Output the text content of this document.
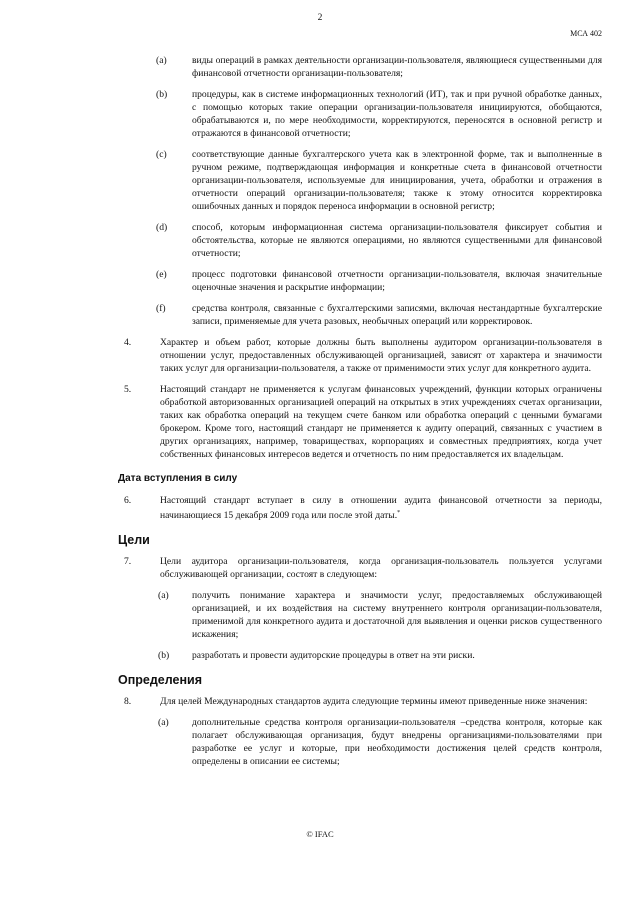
2
МСА 402
(a)	виды операций в рамках деятельности организации-пользователя, являющиеся существенными для финансовой отчетности организации-пользователя;
(b)	процедуры, как в системе информационных технологий (ИТ), так и при ручной обработке данных, с помощью которых такие операции организации-пользователя инициируются, обобщаются, обрабатываются и, по мере необходимости, корректируются, переносятся в основной регистр и отражаются в финансовой отчетности;
(c)	соответствующие данные бухгалтерского учета как в электронной форме, так и выполненные в ручном режиме, подтверждающая информация и конкретные счета в финансовой отчетности организации-пользователя, используемые для инициирования, учета, обработки и отражения в отчетности операций организации-пользователя; также к этому относится корректировка ошибочных данных и порядок переноса информации в основной регистр;
(d)	способ, которым информационная система организации-пользователя фиксирует события и обстоятельства, которые не являются операциями, но являются существенными для финансовой отчетности;
(e)	процесс подготовки финансовой отчетности организации-пользователя, включая значительные оценочные значения и раскрытие информации;
(f)	средства контроля, связанные с бухгалтерскими записями, включая нестандартные бухгалтерские записи, применяемые для учета разовых, необычных операций или корректировок.
4.	Характер и объем работ, которые должны быть выполнены аудитором организации-пользователя в отношении услуг, предоставленных обслуживающей организацией, зависят от характера и значимости таких услуг для организации-пользователя, а также от применимости этих услуг для конкретного аудита.
5.	Настоящий стандарт не применяется к услугам финансовых учреждений, функции которых ограничены обработкой авторизованных организацией операций на открытых в этих учреждениях счетах организации, таких как обработка операций на текущем счете банком или обработка операций с ценными бумагами брокером. Кроме того, настоящий стандарт не применяется к аудиту операций, связанных с участием в других организациях, например, товариществах, корпорациях и совместных предприятиях, когда учет собственных финансовых интересов ведется и отчетность по ним предоставляется их владельцам.
Дата вступления в силу
6.	Настоящий стандарт вступает в силу в отношении аудита финансовой отчетности за периоды, начинающиеся 15 декабря 2009 года или после этой даты.*
Цели
7.	Цели аудитора организации-пользователя, когда организация-пользователь пользуется услугами обслуживающей организации, состоят в следующем:
(a) получить понимание характера и значимости услуг, предоставляемых обслуживающей организацией, и их воздействия на систему внутреннего контроля организации-пользователя, применимой для конкретного аудита и достаточной для выявления и оценки рисков существенного искажения;
(b) разработать и провести аудиторские процедуры в ответ на эти риски.
Определения
8.	Для целей Международных стандартов аудита следующие термины имеют приведенные ниже значения:
(a) дополнительные средства контроля организации-пользователя –средства контроля, которые как полагает обслуживающая организация, будут внедрены организациями-пользователями при разработке ее услуг и которые, при необходимости достижения целей средств контроля, определены в описании ее системы;
© IFAC
